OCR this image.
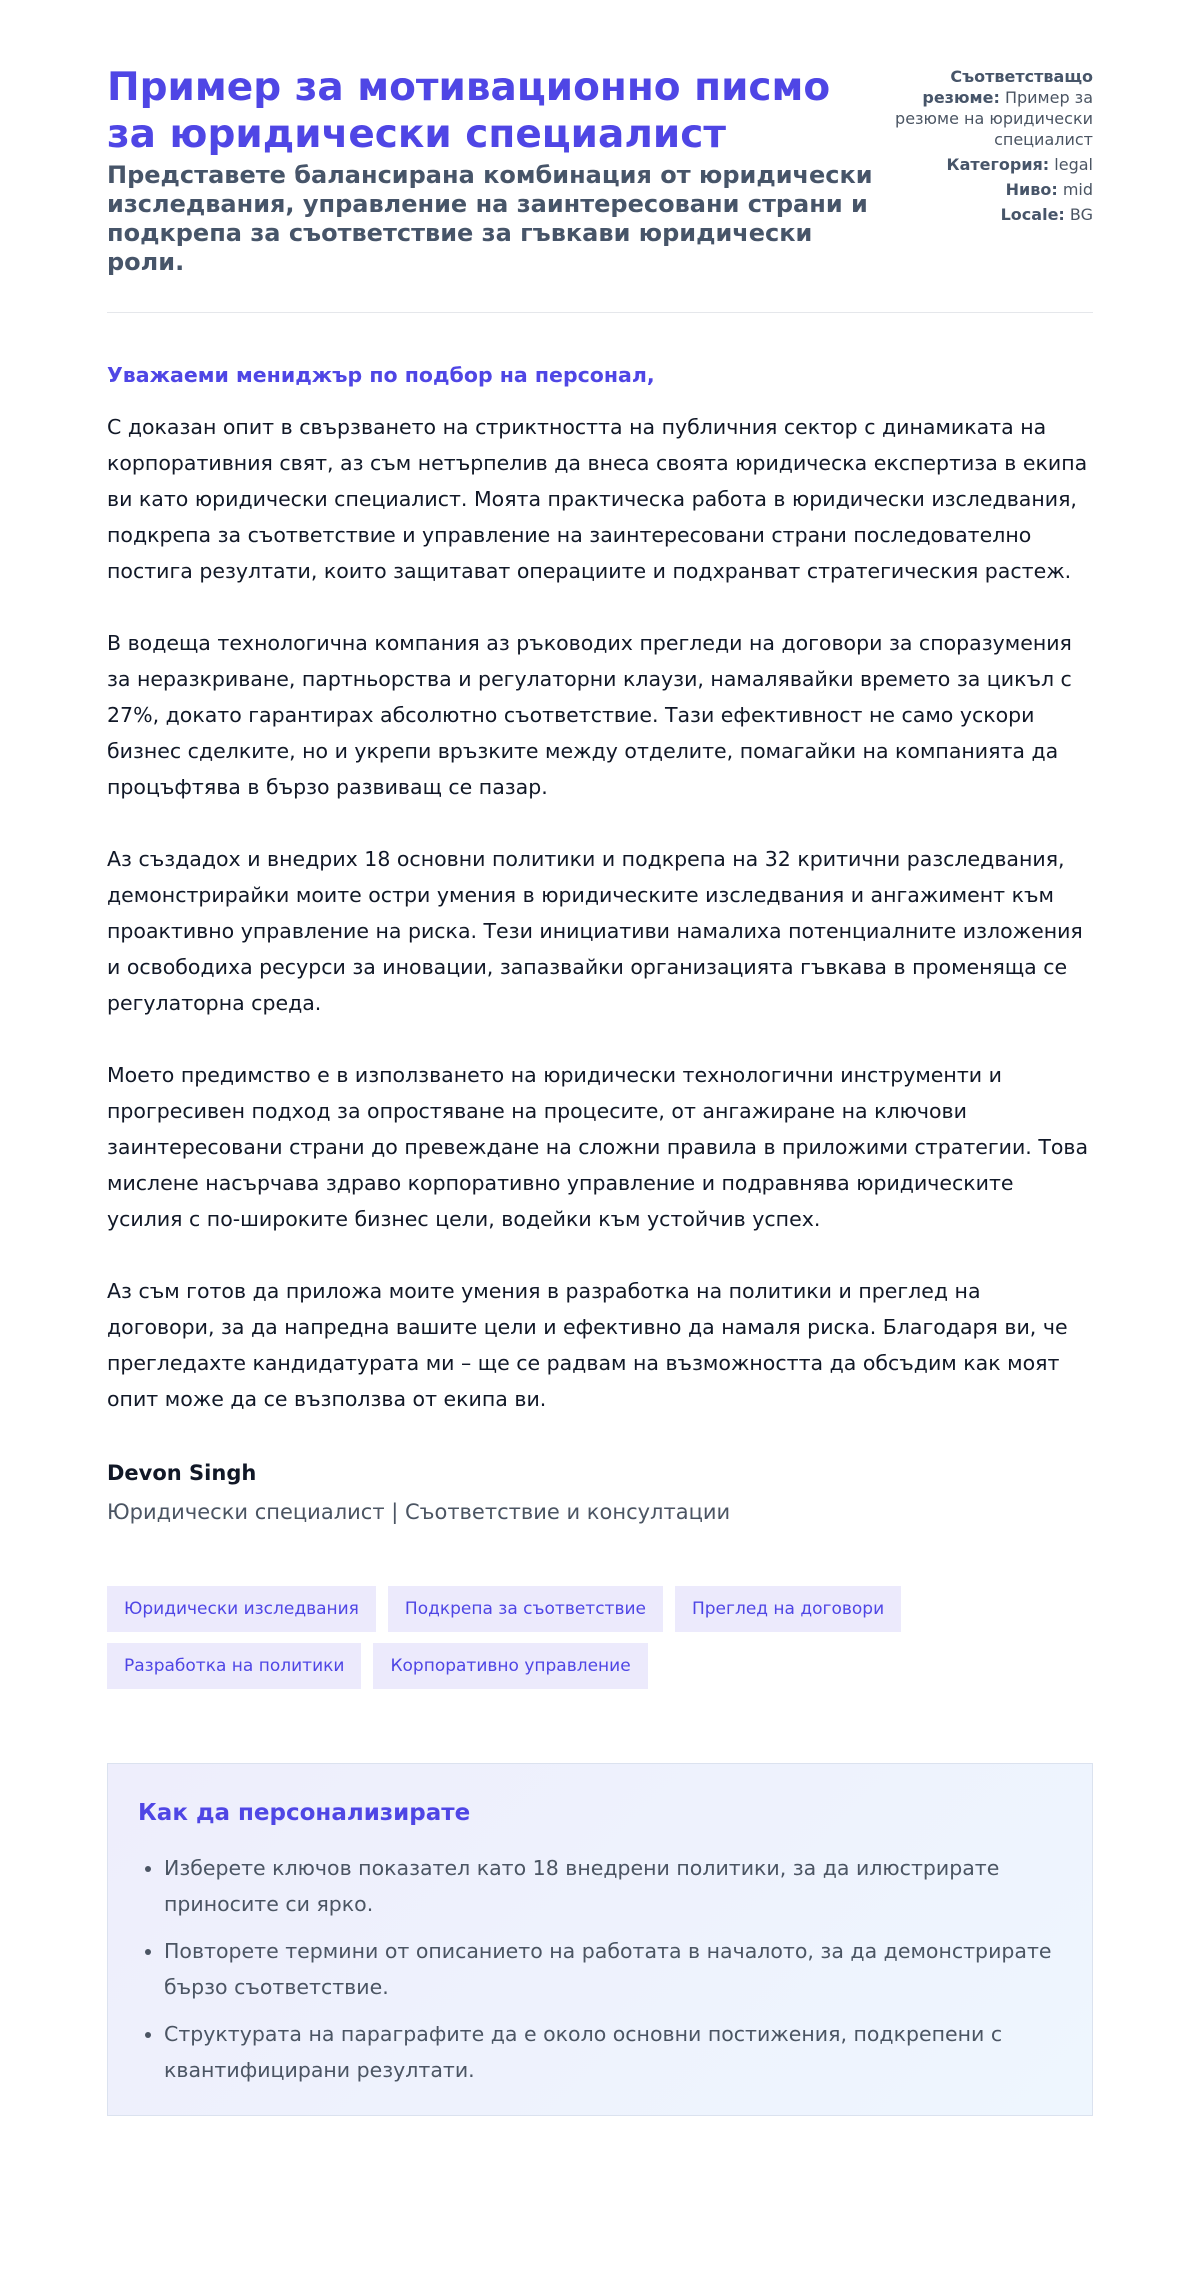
Пример за мотивационно писмо за юридически специалист
Представете балансирана комбинация от юридически изследвания, управление на заинтересовани страни и подкрепа за съответствие за гъвкави юридически роли.
Съответстващо резюме: Пример за резюме на юридически специалист
Категория: legal
Ниво: mid
Locale: BG
Уважаеми мениджър по подбор на персонал,

С доказан опит в свързването на стриктността на публичния сектор с динамиката на корпоративния свят, аз съм нетърпелив да внеса своята юридическа експертиза в екипа ви като юридически специалист. Моята практическа работа в юридически изследвания, подкрепа за съответствие и управление на заинтересовани страни последователно постига резултати, които защитават операциите и подхранват стратегическия растеж.

В водеща технологична компания аз ръководих прегледи на договори за споразумения за неразкриване, партньорства и регулаторни клаузи, намалявайки времето за цикъл с 27%, докато гарантирах абсолютно съответствие. Тази ефективност не само ускори бизнес сделките, но и укрепи връзките между отделите, помагайки на компанията да процъфтява в бързо развиващ се пазар.

Аз създадох и внедрих 18 основни политики и подкрепа на 32 критични разследвания, демонстрирайки моите остри умения в юридическите изследвания и ангажимент към проактивно управление на риска. Тези инициативи намалиха потенциалните изложения и освободиха ресурси за иновации, запазвайки организацията гъвкава в променяща се регулаторна среда.

Моето предимство е в използването на юридически технологични инструменти и прогресивен подход за опростяване на процесите, от ангажиране на ключови заинтересовани страни до превеждане на сложни правила в приложими стратегии. Това мислене насърчава здраво корпоративно управление и подравнява юридическите усилия с по-широките бизнес цели, водейки към устойчив успех.

Аз съм готов да приложа моите умения в разработка на политики и преглед на договори, за да напредна вашите цели и ефективно да намаля риска. Благодаря ви, че прегледахте кандидатурата ми – ще се радвам на възможността да обсъдим как моят опит може да се възползва от екипа ви.

Devon Singh
Юридически специалист | Съответствие и консултации
Юридически изследвания	Подкрепа за съответствие	Преглед на договори
Разработка на политики	Корпоративно управление
Как да персонализирате
• Изберете ключов показател като 18 внедрени политики, за да илюстрирате приносите си ярко.
• Повторете термини от описанието на работата в началото, за да демонстрирате бързо съответствие.
• Структурата на параграфите да е около основни постижения, подкрепени с квантифицирани резултати.
